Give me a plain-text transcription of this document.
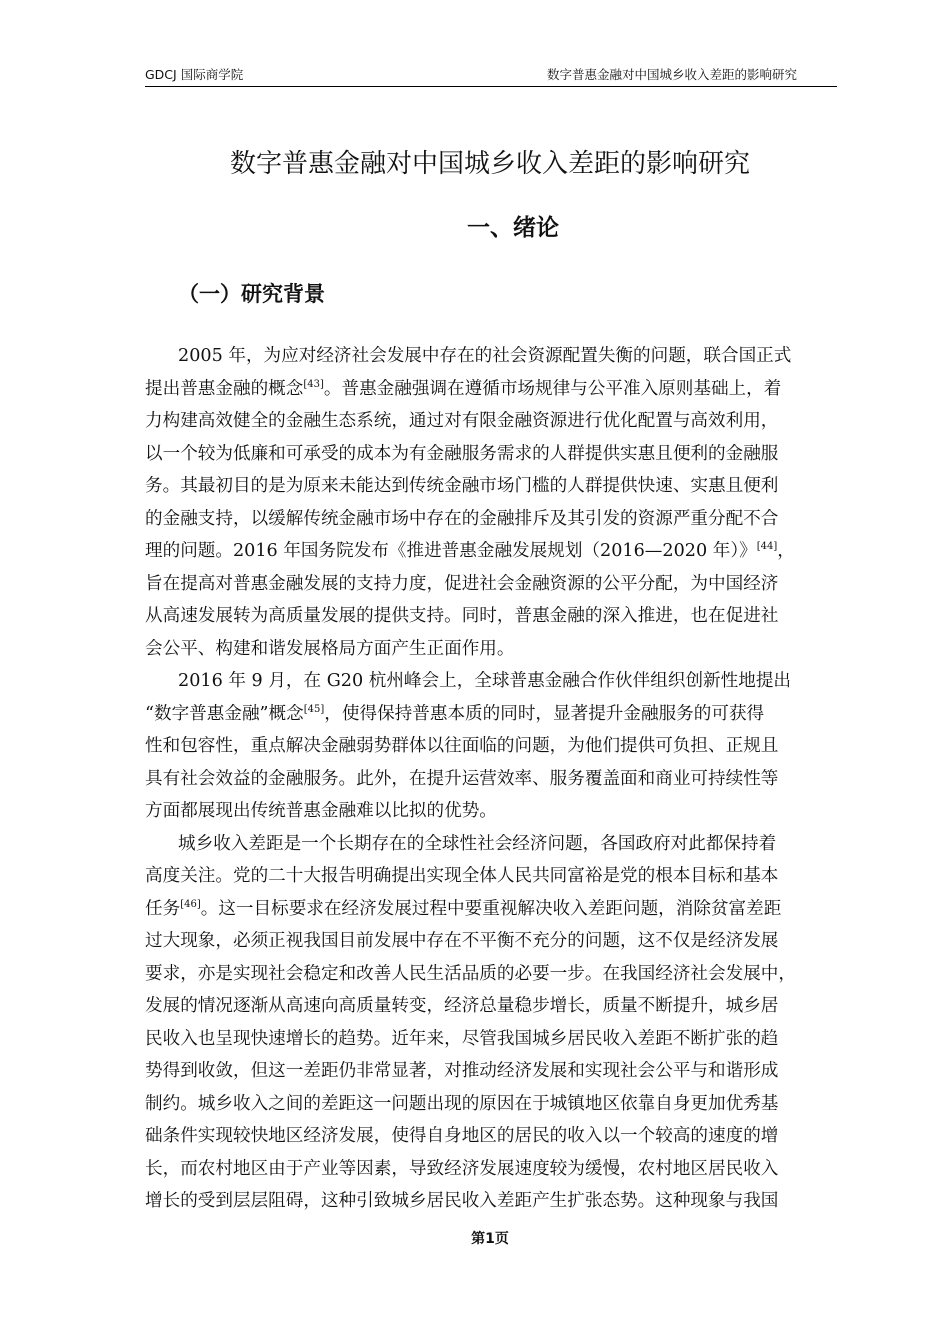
GDCJ 国际商学院	数字普惠金融对中国城乡收入差距的影响研究
数字普惠金融对中国城乡收入差距的影响研究
一、绪论
（一）研究背景
2005 年，为应对经济社会发展中存在的社会资源配置失衡的问题，联合国正式
提出普惠金融的概念[43]。普惠金融强调在遵循市场规律与公平准入原则基础上，着
力构建高效健全的金融生态系统，通过对有限金融资源进行优化配置与高效利用，
以一个较为低廉和可承受的成本为有金融服务需求的人群提供实惠且便利的金融服
务。其最初目的是为原来未能达到传统金融市场门槛的人群提供快速、实惠且便利
的金融支持，以缓解传统金融市场中存在的金融排斥及其引发的资源严重分配不合
理的问题。2016 年国务院发布《推进普惠金融发展规划（2016—2020 年）》[44]，
旨在提高对普惠金融发展的支持力度，促进社会金融资源的公平分配，为中国经济
从高速发展转为高质量发展的提供支持。同时，普惠金融的深入推进，也在促进社
会公平、构建和谐发展格局方面产生正面作用。
2016 年 9 月，在 G20 杭州峰会上，全球普惠金融合作伙伴组织创新性地提出
“数字普惠金融”概念[45]，使得保持普惠本质的同时，显著提升金融服务的可获得
性和包容性，重点解决金融弱势群体以往面临的问题，为他们提供可负担、正规且
具有社会效益的金融服务。此外，在提升运营效率、服务覆盖面和商业可持续性等
方面都展现出传统普惠金融难以比拟的优势。
城乡收入差距是一个长期存在的全球性社会经济问题，各国政府对此都保持着
高度关注。党的二十大报告明确提出实现全体人民共同富裕是党的根本目标和基本
任务[46]。这一目标要求在经济发展过程中要重视解决收入差距问题，消除贫富差距
过大现象，必须正视我国目前发展中存在不平衡不充分的问题，这不仅是经济发展
要求，亦是实现社会稳定和改善人民生活品质的必要一步。在我国经济社会发展中，
发展的情况逐渐从高速向高质量转变，经济总量稳步增长，质量不断提升，城乡居
民收入也呈现快速增长的趋势。近年来，尽管我国城乡居民收入差距不断扩张的趋
势得到收敛，但这一差距仍非常显著，对推动经济发展和实现社会公平与和谐形成
制约。城乡收入之间的差距这一问题出现的原因在于城镇地区依靠自身更加优秀基
础条件实现较快地区经济发展，使得自身地区的居民的收入以一个较高的速度的增
长，而农村地区由于产业等因素，导致经济发展速度较为缓慢，农村地区居民收入
增长的受到层层阻碍，这种引致城乡居民收入差距产生扩张态势。这种现象与我国
第1页
